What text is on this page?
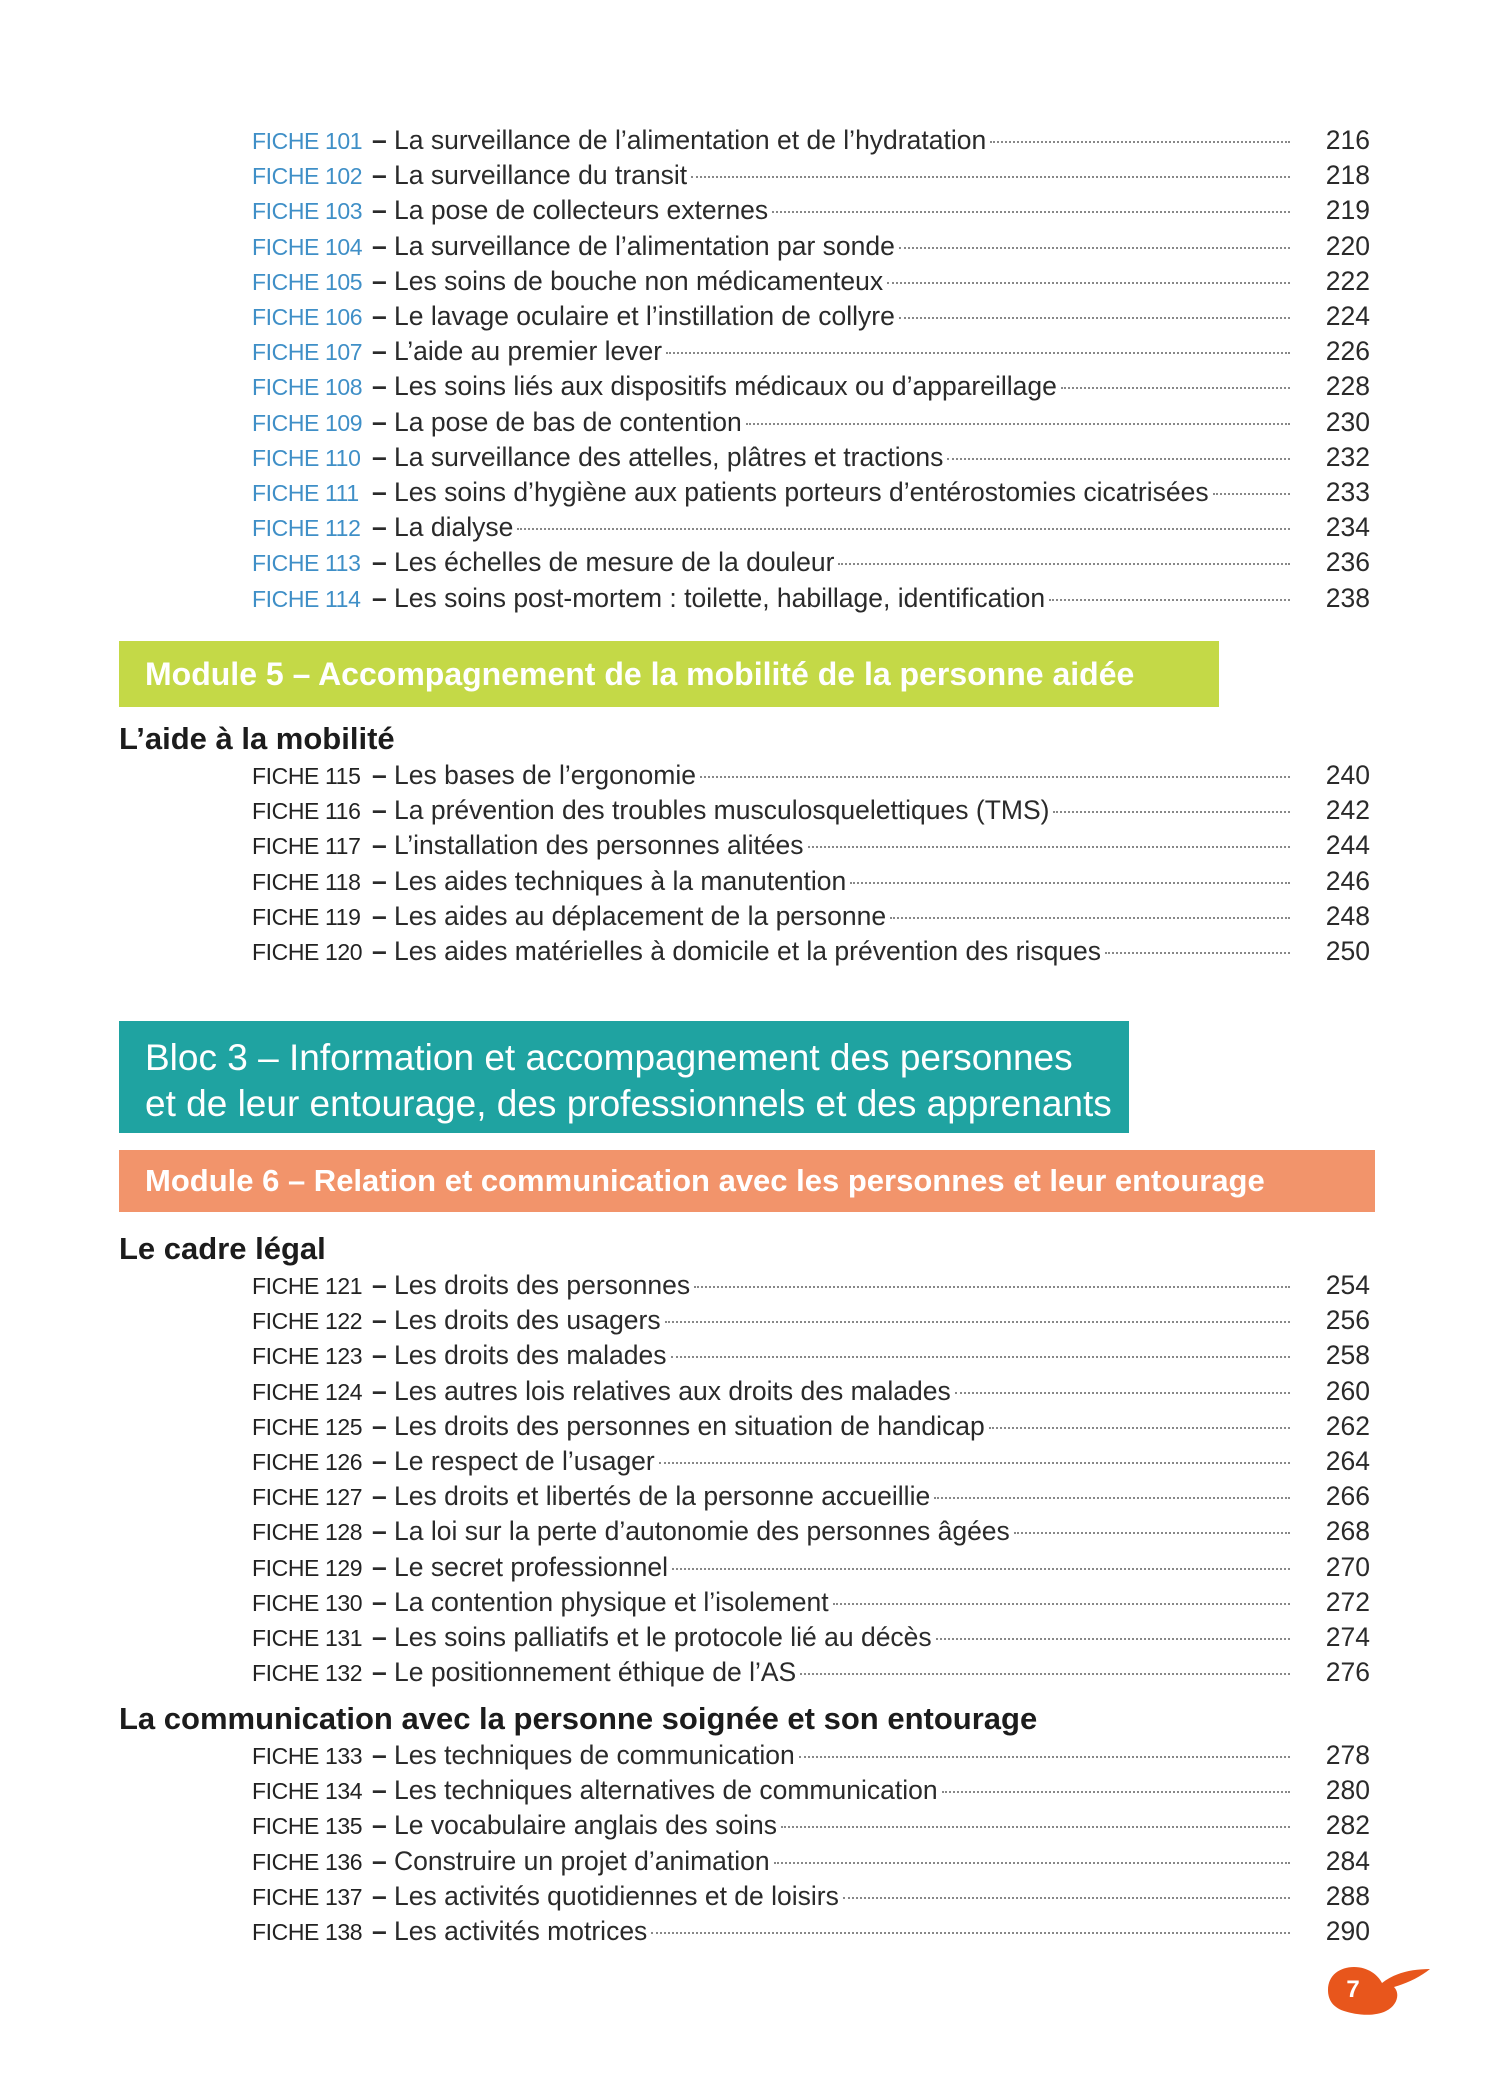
FICHE 101 – La surveillance de l’alimentation et de l’hydratation	216
FICHE 102 – La surveillance du transit	218
FICHE 103 – La pose de collecteurs externes	219
FICHE 104 – La surveillance de l’alimentation par sonde	220
FICHE 105 – Les soins de bouche non médicamenteux	222
FICHE 106 – Le lavage oculaire et l’instillation de collyre	224
FICHE 107 – L’aide au premier lever	226
FICHE 108 – Les soins liés aux dispositifs médicaux ou d’appareillage	228
FICHE 109 – La pose de bas de contention	230
FICHE 110 – La surveillance des attelles, plâtres et tractions	232
FICHE 111 – Les soins d’hygiène aux patients porteurs d’entérostomies cicatrisées	233
FICHE 112 – La dialyse	234
FICHE 113 – Les échelles de mesure de la douleur	236
FICHE 114 – Les soins post-mortem : toilette, habillage, identification	238
Module 5 – Accompagnement de la mobilité de la personne aidée
L’aide à la mobilité
FICHE 115 – Les bases de l’ergonomie	240
FICHE 116 – La prévention des troubles musculosquelettiques (TMS)	242
FICHE 117 – L’installation des personnes alitées	244
FICHE 118 – Les aides techniques à la manutention	246
FICHE 119 – Les aides au déplacement de la personne	248
FICHE 120 – Les aides matérielles à domicile et la prévention des risques	250
Bloc 3 – Information et accompagnement des personnes
et de leur entourage, des professionnels et des apprenants
Module 6 – Relation et communication avec les personnes et leur entourage
Le cadre légal
FICHE 121 – Les droits des personnes	254
FICHE 122 – Les droits des usagers	256
FICHE 123 – Les droits des malades	258
FICHE 124 – Les autres lois relatives aux droits des malades	260
FICHE 125 – Les droits des personnes en situation de handicap	262
FICHE 126 – Le respect de l’usager	264
FICHE 127 – Les droits et libertés de la personne accueillie	266
FICHE 128 – La loi sur la perte d’autonomie des personnes âgées	268
FICHE 129 – Le secret professionnel	270
FICHE 130 – La contention physique et l’isolement	272
FICHE 131 – Les soins palliatifs et le protocole lié au décès	274
FICHE 132 – Le positionnement éthique de l’AS	276
La communication avec la personne soignée et son entourage
FICHE 133 – Les techniques de communication	278
FICHE 134 – Les techniques alternatives de communication	280
FICHE 135 – Le vocabulaire anglais des soins	282
FICHE 136 – Construire un projet d’animation	284
FICHE 137 – Les activités quotidiennes et de loisirs	288
FICHE 138 – Les activités motrices	290
7
